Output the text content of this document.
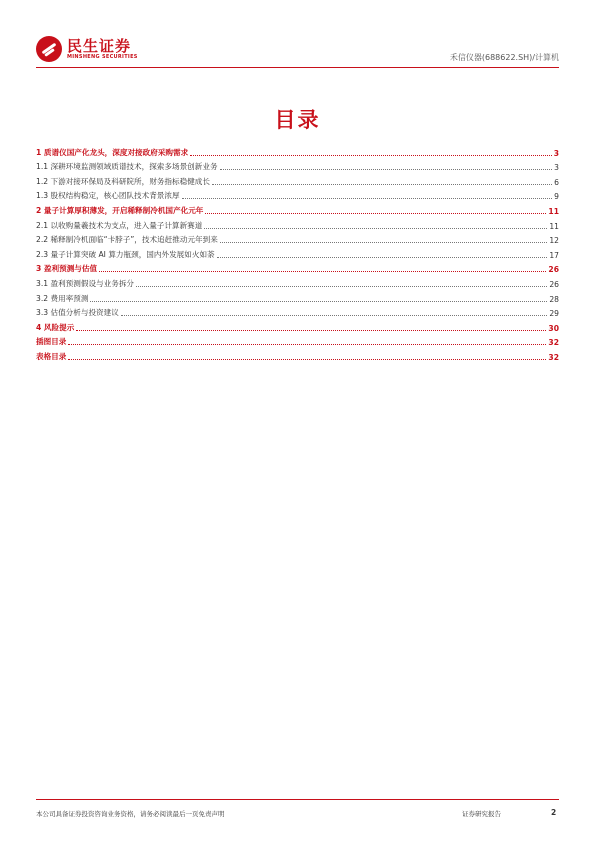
民生证券
MINSHENG SECURITIES	禾信仪器(688622.SH)/计算机
目录
1 质谱仪国产化龙头，深度对接政府采购需求	3
1.1 深耕环境监测领域质谱技术，探索多场景创新业务	3
1.2 下游对接环保局及科研院所，财务指标稳健成长	6
1.3 股权结构稳定，核心团队技术背景浓厚	9
2 量子计算厚积薄发，开启稀释制冷机国产化元年	11
2.1 以收购量羲技术为支点，进入量子计算新赛道	11
2.2 稀释制冷机面临“卡脖子”，技术追赶推动元年到来	12
2.3 量子计算突破 AI 算力瓶颈，国内外发展如火如荼	17
3 盈利预测与估值	26
3.1 盈利预测假设与业务拆分	26
3.2 费用率预测	28
3.3 估值分析与投资建议	29
4 风险提示	30
插图目录	32
表格目录	32
本公司具备证券投资咨询业务资格，请务必阅读最后一页免责声明	证券研究报告	2
